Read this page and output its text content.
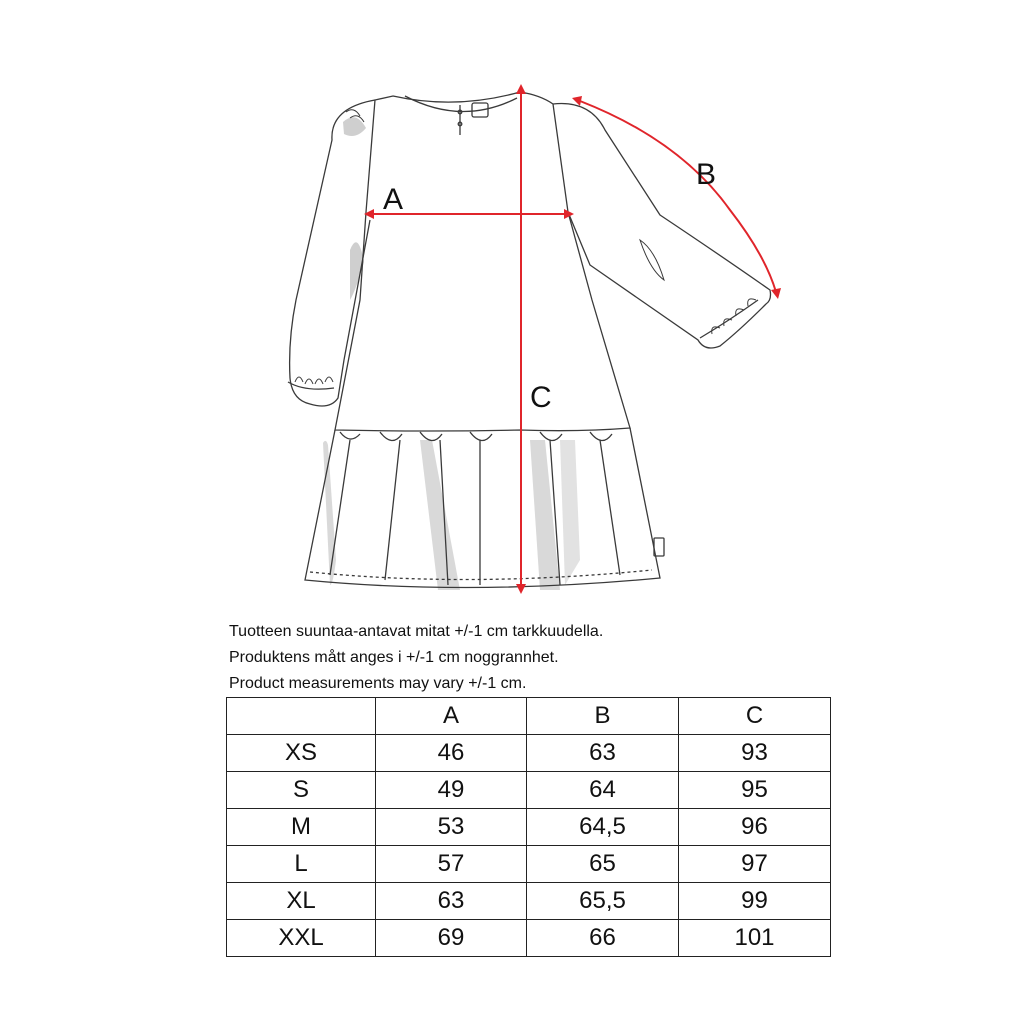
A
B
C
Tuotteen suuntaa-antavat mitat +/-1 cm tarkkuudella.
Produktens mått anges i +/-1 cm noggrannhet.
Product measurements may vary +/-1 cm.
	A	B	C
XS	46	63	93
S	49	64	95
M	53	64,5	96
L	57	65	97
XL	63	65,5	99
XXL	69	66	101
